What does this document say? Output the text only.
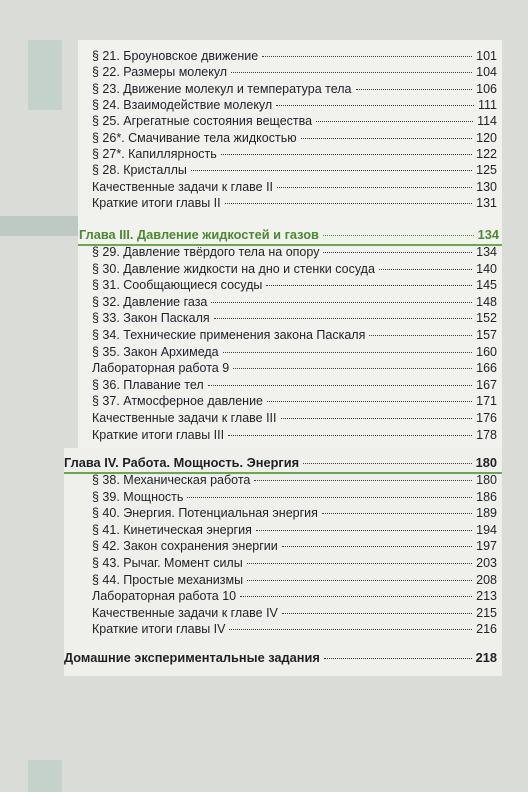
§ 21. Броуновское движение	101
§ 22. Размеры молекул	104
§ 23. Движение молекул и температура тела	106
§ 24. Взаимодействие молекул	111
§ 25. Агрегатные состояния вещества	114
§ 26*. Смачивание тела жидкостью	120
§ 27*. Капиллярность	122
§ 28. Кристаллы	125
Качественные задачи к главе II	130
Краткие итоги главы II	131
Глава III. Давление жидкостей и газов	134
§ 29. Давление твёрдого тела на опору	134
§ 30. Давление жидкости на дно и стенки сосуда	140
§ 31. Сообщающиеся сосуды	145
§ 32. Давление газа	148
§ 33. Закон Паскаля	152
§ 34. Технические применения закона Паскаля	157
§ 35. Закон Архимеда	160
Лабораторная работа 9	166
§ 36. Плавание тел	167
§ 37. Атмосферное давление	171
Качественные задачи к главе III	176
Краткие итоги главы III	178
Глава IV. Работа. Мощность. Энергия	180
§ 38. Механическая работа	180
§ 39. Мощность	186
§ 40. Энергия. Потенциальная энергия	189
§ 41. Кинетическая энергия	194
§ 42. Закон сохранения энергии	197
§ 43. Рычаг. Момент силы	203
§ 44. Простые механизмы	208
Лабораторная работа 10	213
Качественные задачи к главе IV	215
Краткие итоги главы IV	216
Домашние экспериментальные задания	218
